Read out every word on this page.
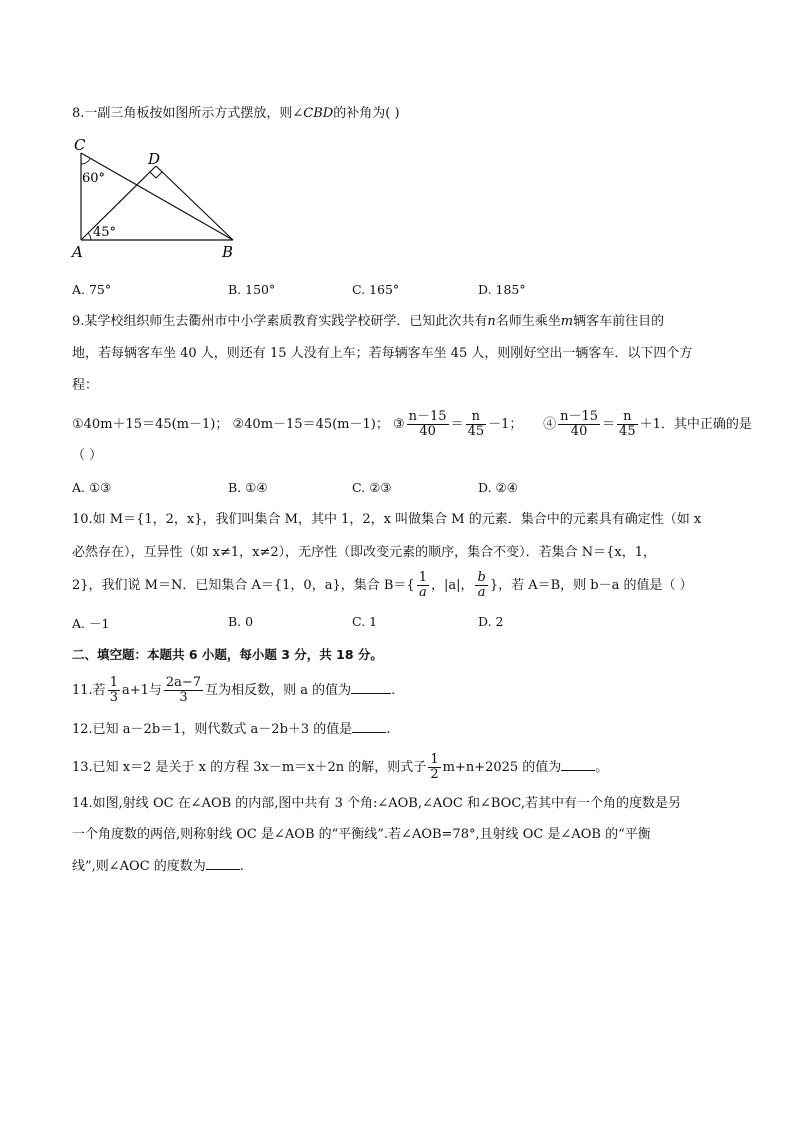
8.一副三角板按如图所示方式摆放，则∠CBD的补角为( )
C
D
A	B
60°
45°
A. 75°	B. 150°	C. 165°	D. 185°
9.某学校组织师生去衢州市中小学素质教育实践学校研学．已知此次共有n名师生乘坐m辆客车前往目的
地，若每辆客车坐 40 人，则还有 15 人没有上车；若每辆客车坐 45 人，则刚好空出一辆客车．以下四个方
程：
①40m＋15＝45(m－1)； ②40m－15＝45(m－1)； ③ $\frac{n-15}{40} = \frac{n}{45} -1$； ④ $\frac{n-15}{40} = \frac{n}{45} +1$．其中正确的是
（ ）
A. ①③	B. ①④	C. ②③	D. ②④
10.如 M＝{1，2，x}，我们叫集合 M，其中 1，2，x 叫做集合 M 的元素．集合中的元素具有确定性（如 x
必然存在），互异性（如 x≠1，x≠2），无序性（即改变元素的顺序，集合不变）．若集合 N＝{x，1，
2}，我们说 M＝N．已知集合 A＝{1，0，a}，集合 $B=\{ \frac{1}{a}$ ，|a|， $\frac{b}{a}$ }，若 A＝B，则 b－a 的值是（ ）
A. －1	B. 0	C. 1	D. 2
二、填空题：本题共 6 小题，每小题 3 分，共 18 分。
11.若 $\frac{1}{3} a+1$与 $\frac{2a-7}{3}$ 互为相反数，则 a 的值为	.
12.已知 a－2b＝1，则代数式 a－2b＋3 的值是	.
13.已知 x＝2 是关于 x 的方程 3x－m＝x＋2n 的解，则式子 $\frac{1}{2} m+n+2025$ 的值为	。
14.如图,射线 OC 在∠AOB 的内部,图中共有 3 个角:∠AOB,∠AOC 和∠BOC,若其中有一个角的度数是另
一个角度数的两倍,则称射线 OC 是∠AOB 的“平衡线”.若∠AOB=78°,且射线 OC 是∠AOB 的“平衡
线”,则∠AOC 的度数为	.
